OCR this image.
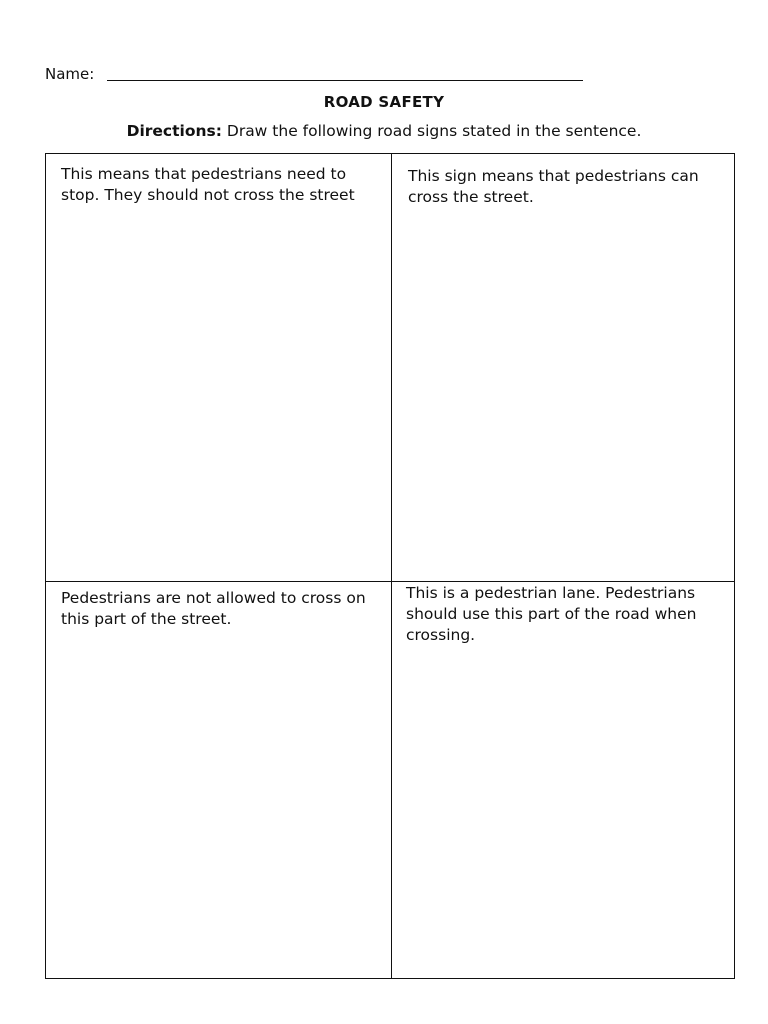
Name:
ROAD SAFETY
Directions: Draw the following road signs stated in the sentence.
This means that pedestrians need to stop. They should not cross the street
This sign means that pedestrians can cross the street.
Pedestrians are not allowed to cross on this part of the street.
This is a pedestrian lane. Pedestrians should use this part of the road when crossing.
